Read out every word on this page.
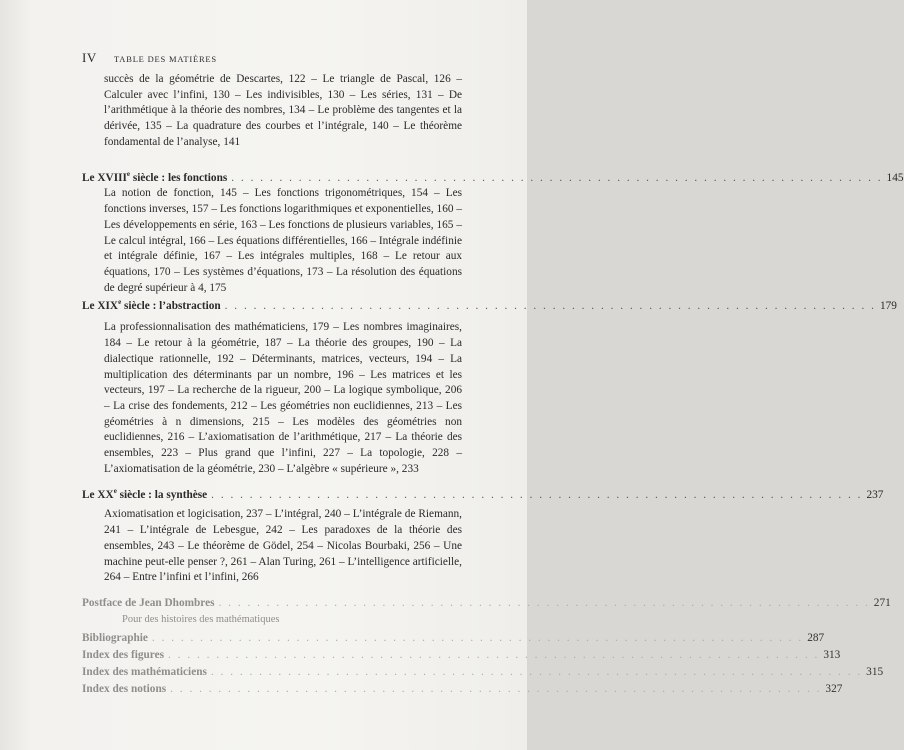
IV TABLE DES MATIÈRES
succès de la géométrie de Descartes, 122 – Le triangle de Pascal, 126 – Calculer avec l’infini, 130 – Les indivisibles, 130 – Les séries, 131 – De l’arithmétique à la théorie des nombres, 134 – Le problème des tangentes et la dérivée, 135 – La quadrature des courbes et l’intégrale, 140 – Le théorème fondamental de l’analyse, 141
Le XVIIIe siècle : les fonctions . . . . . . . . . . . . . . . . . . . . . . . . . . . . . . . . . . . . . . . . . . . . . . . . . . . . . . . . . . . . . . . . . . . . 145
La notion de fonction, 145 – Les fonctions trigonométriques, 154 – Les fonctions inverses, 157 – Les fonctions logarithmiques et exponentielles, 160 – Les développements en série, 163 – Les fonctions de plusieurs variables, 165 – Le calcul intégral, 166 – Les équations différentielles, 166 – Intégrale indéfinie et intégrale définie, 167 – Les intégrales multiples, 168 – Le retour aux équations, 170 – Les systèmes d’équations, 173 – La résolution des équations de degré supérieur à 4, 175
Le XIXe siècle : l’abstraction . . . . . . . . . . . . . . . . . . . . . . . . . . . . . . . . . . . . . . . . . . . . . . . . . . . . . . . . . . . . . . . . . . . . 179
La professionnalisation des mathématiciens, 179 – Les nombres imaginaires, 184 – Le retour à la géométrie, 187 – La théorie des groupes, 190 – La dialectique rationnelle, 192 – Déterminants, matrices, vecteurs, 194 – La multiplication des déterminants par un nombre, 196 – Les matrices et les vecteurs, 197 – La recherche de la rigueur, 200 – La logique symbolique, 206 – La crise des fondements, 212 – Les géométries non euclidiennes, 213 – Les géométries à n dimensions, 215 – Les modèles des géométries non euclidiennes, 216 – L’axiomatisation de l’arithmétique, 217 – La théorie des ensembles, 223 – Plus grand que l’infini, 227 – La topologie, 228 – L’axiomatisation de la géométrie, 230 – L’algèbre « supérieure », 233
Le XXe siècle : la synthèse . . . . . . . . . . . . . . . . . . . . . . . . . . . . . . . . . . . . . . . . . . . . . . . . . . . . . . . . . . . . . . . . . . . . 237
Axiomatisation et logicisation, 237 – L’intégral, 240 – L’intégrale de Riemann, 241 – L’intégrale de Lebesgue, 242 – Les paradoxes de la théorie des ensembles, 243 – Le théorème de Gödel, 254 – Nicolas Bourbaki, 256 – Une machine peut-elle penser ?, 261 – Alan Turing, 261 – L’intelligence artificielle, 264 – Entre l’infini et l’infini, 266
Postface de Jean Dhombres . . . . . . . . . . . . . . . . . . . . . . . . . . . . . . . . . . . . . . . . . . . . . . . . . . . . . . . . . . . . . . . . . . . . 271
Pour des histoires des mathématiques
Bibliographie . . . . . . . . . . . . . . . . . . . . . . . . . . . . . . . . . . . . . . . . . . . . . . . . . . . . . . . . . . . . . . . . . . . . 287
Index des figures . . . . . . . . . . . . . . . . . . . . . . . . . . . . . . . . . . . . . . . . . . . . . . . . . . . . . . . . . . . . . . . . . . . . 313
Index des mathématiciens . . . . . . . . . . . . . . . . . . . . . . . . . . . . . . . . . . . . . . . . . . . . . . . . . . . . . . . . . . . . . . . . . . . . 315
Index des notions . . . . . . . . . . . . . . . . . . . . . . . . . . . . . . . . . . . . . . . . . . . . . . . . . . . . . . . . . . . . . . . . . . . . 327
